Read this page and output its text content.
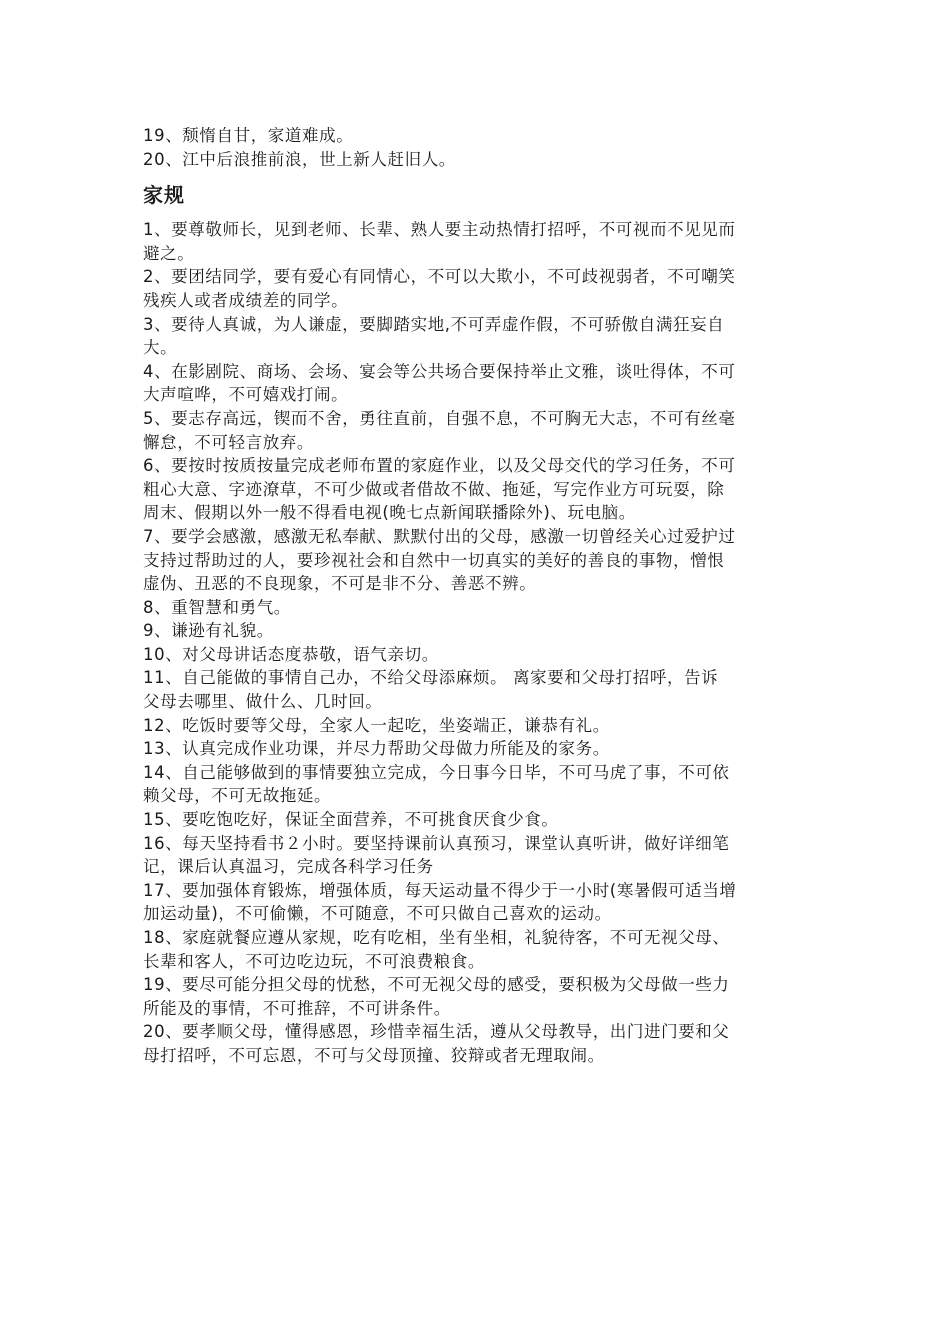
19、颓惰自甘，家道难成。
20、江中后浪推前浪，世上新人赶旧人。
家规
1、要尊敬师长，见到老师、长辈、熟人要主动热情打招呼，不可视而不见见而
避之。
2、要团结同学，要有爱心有同情心，不可以大欺小，不可歧视弱者，不可嘲笑
残疾人或者成绩差的同学。
3、要待人真诚，为人谦虚，要脚踏实地,不可弄虚作假，不可骄傲自满狂妄自
大。
4、在影剧院、商场、会场、宴会等公共场合要保持举止文雅，谈吐得体，不可
大声喧哗，不可嬉戏打闹。
5、要志存高远，锲而不舍，勇往直前，自强不息，不可胸无大志，不可有丝毫
懈怠，不可轻言放弃。
6、要按时按质按量完成老师布置的家庭作业，以及父母交代的学习任务，不可
粗心大意、字迹潦草，不可少做或者借故不做、拖延，写完作业方可玩耍，除
周末、假期以外一般不得看电视(晚七点新闻联播除外)、玩电脑。
7、要学会感激，感激无私奉献、默默付出的父母，感激一切曾经关心过爱护过
支持过帮助过的人，要珍视社会和自然中一切真实的美好的善良的事物，憎恨
虚伪、丑恶的不良现象，不可是非不分、善恶不辨。
8、重智慧和勇气。
9、谦逊有礼貌。
10、对父母讲话态度恭敬，语气亲切。
11、自己能做的事情自己办，不给父母添麻烦。 离家要和父母打招呼，告诉
父母去哪里、做什么、几时回。
12、吃饭时要等父母，全家人一起吃，坐姿端正，谦恭有礼。
13、认真完成作业功课，并尽力帮助父母做力所能及的家务。
14、自己能够做到的事情要独立完成，今日事今日毕，不可马虎了事，不可依
赖父母，不可无故拖延。
15、要吃饱吃好，保证全面营养，不可挑食厌食少食。
16、每天坚持看书２小时。要坚持课前认真预习，课堂认真听讲，做好详细笔
记，课后认真温习，完成各科学习任务
17、要加强体育锻炼，增强体质，每天运动量不得少于一小时(寒暑假可适当增
加运动量)，不可偷懒，不可随意，不可只做自己喜欢的运动。
18、家庭就餐应遵从家规，吃有吃相，坐有坐相，礼貌待客，不可无视父母、
长辈和客人，不可边吃边玩，不可浪费粮食。
19、要尽可能分担父母的忧愁，不可无视父母的感受，要积极为父母做一些力
所能及的事情，不可推辞，不可讲条件。
20、要孝顺父母，懂得感恩，珍惜幸福生活，遵从父母教导，出门进门要和父
母打招呼，不可忘恩，不可与父母顶撞、狡辩或者无理取闹。
